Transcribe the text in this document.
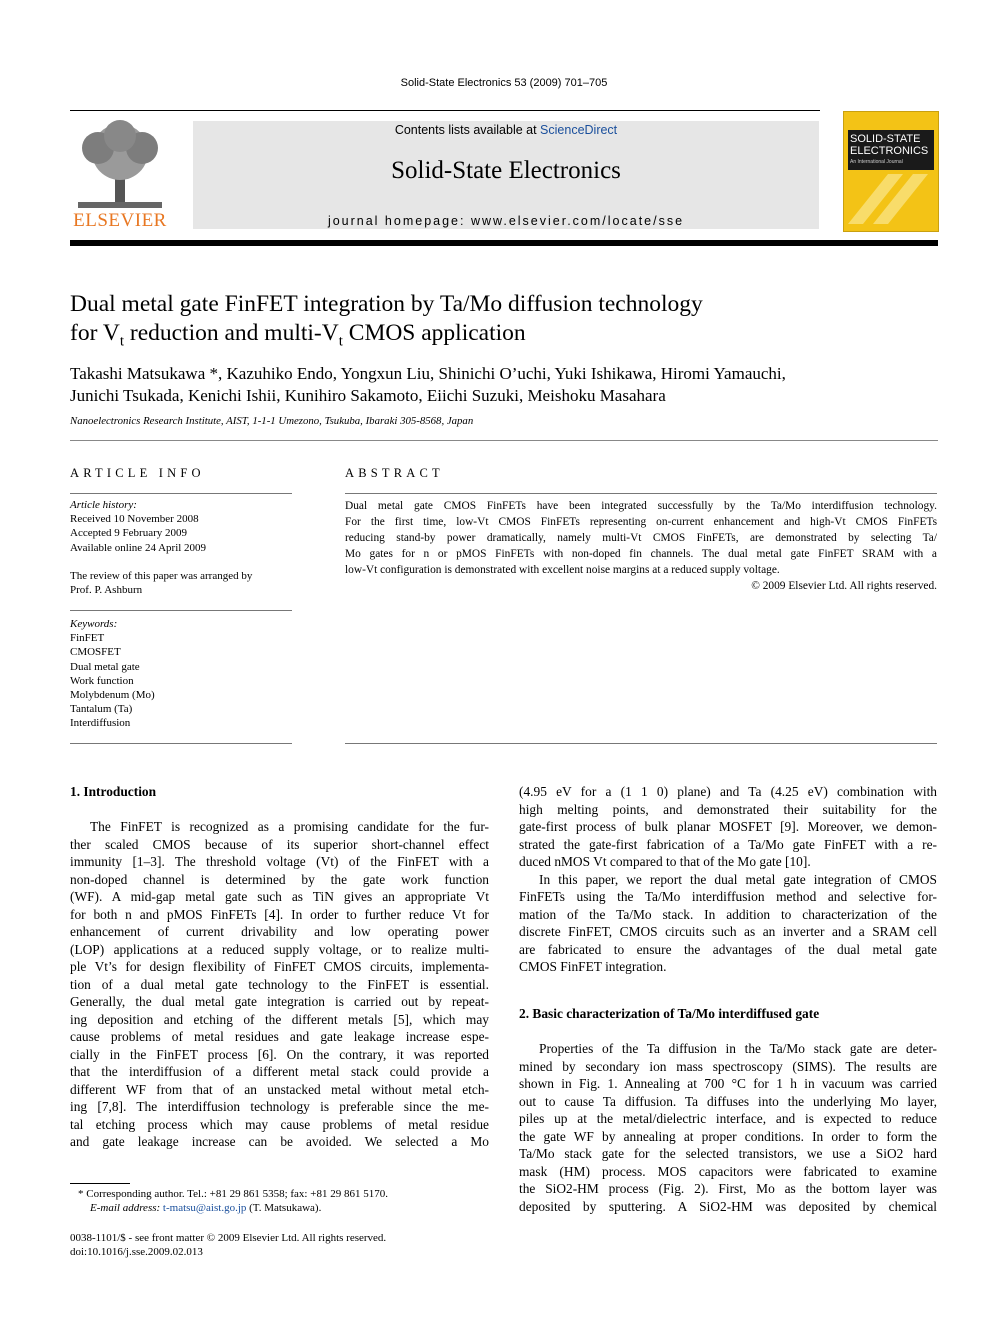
Solid-State Electronics 53 (2009) 701–705
ELSEVIER
Contents lists available at ScienceDirect
Solid-State Electronics
journal homepage: www.elsevier.com/locate/sse
SOLID-STATE
ELECTRONICS
An International Journal
Dual metal gate FinFET integration by Ta/Mo diffusion technology
for $V_t$ reduction and multi-$V_t$ CMOS application
Takashi Matsukawa *, Kazuhiko Endo, Yongxun Liu, Shinichi O’uchi, Yuki Ishikawa, Hiromi Yamauchi,
Junichi Tsukada, Kenichi Ishii, Kunihiro Sakamoto, Eiichi Suzuki, Meishoku Masahara
Nanoelectronics Research Institute, AIST, 1-1-1 Umezono, Tsukuba, Ibaraki 305-8568, Japan
ARTICLE INFO
Article history:
Received 10 November 2008
Accepted 9 February 2009
Available online 24 April 2009
The review of this paper was arranged by
Prof. P. Ashburn
Keywords:
FinFET
CMOSFET
Dual metal gate
Work function
Molybdenum (Mo)
Tantalum (Ta)
Interdiffusion
ABSTRACT
Dual metal gate CMOS FinFETs have been integrated successfully by the Ta/Mo interdiffusion technology.
For the first time, low-Vt CMOS FinFETs representing on-current enhancement and high-Vt CMOS FinFETs
reducing stand-by power dramatically, namely multi-Vt CMOS FinFETs, are demonstrated by selecting Ta/
Mo gates for n or pMOS FinFETs with non-doped fin channels. The dual metal gate FinFET SRAM with a
low-Vt configuration is demonstrated with excellent noise margins at a reduced supply voltage.
© 2009 Elsevier Ltd. All rights reserved.
1. Introduction
The FinFET is recognized as a promising candidate for the fur-
ther scaled CMOS because of its superior short-channel effect
immunity [1–3]. The threshold voltage (Vt) of the FinFET with a
non-doped channel is determined by the gate work function
(WF). A mid-gap metal gate such as TiN gives an appropriate Vt
for both n and pMOS FinFETs [4]. In order to further reduce Vt for
enhancement of current drivability and low operating power
(LOP) applications at a reduced supply voltage, or to realize multi-
ple Vt’s for design flexibility of FinFET CMOS circuits, implementa-
tion of a dual metal gate technology to the FinFET is essential.
Generally, the dual metal gate integration is carried out by repeat-
ing deposition and etching of the different metals [5], which may
cause problems of metal residues and gate leakage increase espe-
cially in the FinFET process [6]. On the contrary, it was reported
that the interdiffusion of a different metal stack could provide a
different WF from that of an unstacked metal without metal etch-
ing [7,8]. The interdiffusion technology is preferable since the me-
tal etching process which may cause problems of metal residue
and gate leakage increase can be avoided. We selected a Mo
(4.95 eV for a (1 1 0) plane) and Ta (4.25 eV) combination with
high melting points, and demonstrated their suitability for the
gate-first process of bulk planar MOSFET [9]. Moreover, we demon-
strated the gate-first fabrication of a Ta/Mo gate FinFET with a re-
duced nMOS Vt compared to that of the Mo gate [10].
In this paper, we report the dual metal gate integration of CMOS
FinFETs using the Ta/Mo interdiffusion method and selective for-
mation of the Ta/Mo stack. In addition to characterization of the
discrete FinFET, CMOS circuits such as an inverter and a SRAM cell
are fabricated to ensure the advantages of the dual metal gate
CMOS FinFET integration.
2. Basic characterization of Ta/Mo interdiffused gate
Properties of the Ta diffusion in the Ta/Mo stack gate are deter-
mined by secondary ion mass spectroscopy (SIMS). The results are
shown in Fig. 1. Annealing at 700 °C for 1 h in vacuum was carried
out to cause Ta diffusion. Ta diffuses into the underlying Mo layer,
piles up at the metal/dielectric interface, and is expected to reduce
the gate WF by annealing at proper conditions. In order to form the
Ta/Mo stack gate for the selected transistors, we use a SiO2 hard
mask (HM) process. MOS capacitors were fabricated to examine
the SiO2-HM process (Fig. 2). First, Mo as the bottom layer was
deposited by sputtering. A SiO2-HM was deposited by chemical
* Corresponding author. Tel.: +81 29 861 5358; fax: +81 29 861 5170.
E-mail address: t-matsu@aist.go.jp (T. Matsukawa).
0038-1101/$ - see front matter © 2009 Elsevier Ltd. All rights reserved.
doi:10.1016/j.sse.2009.02.013
